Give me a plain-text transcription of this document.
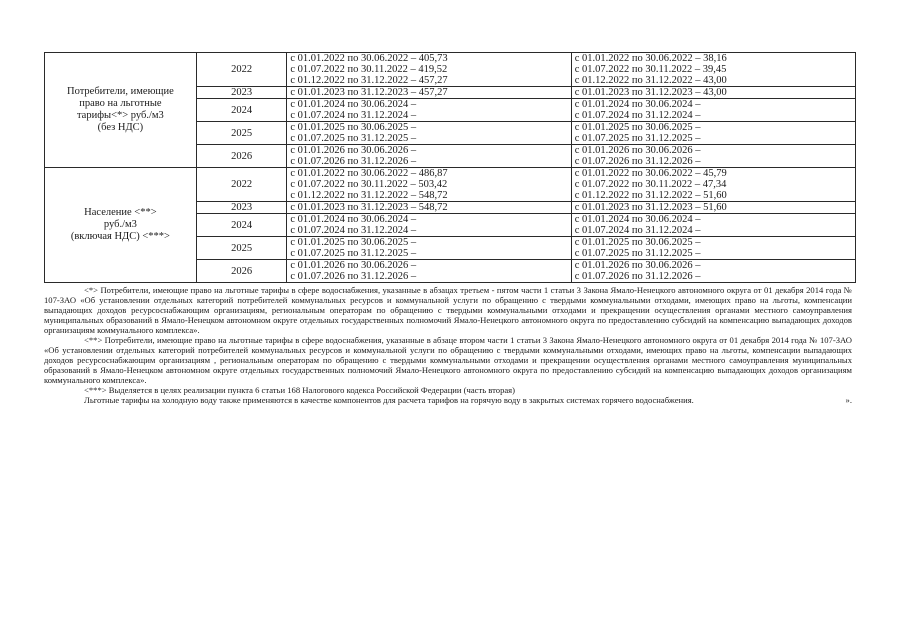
Потребители, имеющие
право на льготные
тарифы<*> руб./м3
(без НДС)	2022	с 01.01.2022 по 30.06.2022 – 405,73
с 01.07.2022 по 30.11.2022 – 419,52
с 01.12.2022 по 31.12.2022 – 457,27	с 01.01.2022 по 30.06.2022 – 38,16
с 01.07.2022 по 30.11.2022 – 39,45
с 01.12.2022 по 31.12.2022 – 43,00

	2023	с 01.01.2023 по 31.12.2023 – 457,27	с 01.01.2023 по 31.12.2023 – 43,00

	2024	с 01.01.2024 по 30.06.2024 –
с 01.07.2024 по 31.12.2024 –	с 01.01.2024 по 30.06.2024 –
с 01.07.2024 по 31.12.2024 –

	2025	с 01.01.2025 по 30.06.2025 –
с 01.07.2025 по 31.12.2025 –	с 01.01.2025 по 30.06.2025 –
с 01.07.2025 по 31.12.2025 –

	2026	с 01.01.2026 по 30.06.2026 –
с 01.07.2026 по 31.12.2026 –	с 01.01.2026 по 30.06.2026 –
с 01.07.2026 по 31.12.2026 –

Население <**>
руб./м3
(включая НДС) <***>	2022	с 01.01.2022 по 30.06.2022 – 486,87
с 01.07.2022 по 30.11.2022 – 503,42
с 01.12.2022 по 31.12.2022 – 548,72	с 01.01.2022 по 30.06.2022 – 45,79
с 01.07.2022 по 30.11.2022 – 47,34
с 01.12.2022 по 31.12.2022 – 51,60

	2023	с 01.01.2023 по 31.12.2023 – 548,72	с 01.01.2023 по 31.12.2023 – 51,60

	2024	с 01.01.2024 по 30.06.2024 –
с 01.07.2024 по 31.12.2024 –	с 01.01.2024 по 30.06.2024 –
с 01.07.2024 по 31.12.2024 –

	2025	с 01.01.2025 по 30.06.2025 –
с 01.07.2025 по 31.12.2025 –	с 01.01.2025 по 30.06.2025 –
с 01.07.2025 по 31.12.2025 –

	2026	с 01.01.2026 по 30.06.2026 –
с 01.07.2026 по 31.12.2026 –	с 01.01.2026 по 30.06.2026 –
с 01.07.2026 по 31.12.2026 –

<*> Потребители, имеющие право на льготные тарифы в сфере водоснабжения, указанные в абзацах третьем - пятом части 1 статьи 3 Закона Ямало-Ненецкого автономного округа от 01 декабря 2014 года № 107-ЗАО «Об установлении отдельных категорий потребителей коммунальных ресурсов и коммунальной услуги по обращению с твердыми коммунальными отходами, имеющих право на льготы, компенсации выпадающих доходов ресурсоснабжающим организациям, региональным операторам по обращению с твердыми коммунальными отходами и прекращении осуществления органами местного самоуправления муниципальных образований в Ямало-Ненецком автономном округе отдельных государственных полномочий Ямало-Ненецкого автономного округа по предоставлению субсидий на компенсацию выпадающих доходов организациям коммунального комплекса».

<**> Потребители, имеющие право на льготные тарифы в сфере водоснабжения, указанные в абзаце втором части 1 статьи 3 Закона Ямало-Ненецкого автономного округа от 01 декабря 2014 года № 107-ЗАО «Об установлении отдельных категорий потребителей коммунальных ресурсов и коммунальной услуги по обращению с твердыми коммунальными отходами, имеющих право на льготы, компенсации выпадающих доходов ресурсоснабжающим организациям , региональным операторам по обращению с твердыми коммунальными отходами и прекращении осуществления органами местного самоуправления муниципальных образований в Ямало-Ненецком автономном округе отдельных государственных полномочий Ямало-Ненецкого автономного округа по предоставлению субсидий на компенсацию выпадающих доходов организациям коммунального комплекса».

<***> Выделяется в целях реализации пункта 6 статьи 168 Налогового кодекса Российской Федерации (часть вторая)

Льготные тарифы на холодную воду также применяются в качестве компонентов для расчета тарифов на горячую воду в закрытых системах горячего водоснабжения.	».
